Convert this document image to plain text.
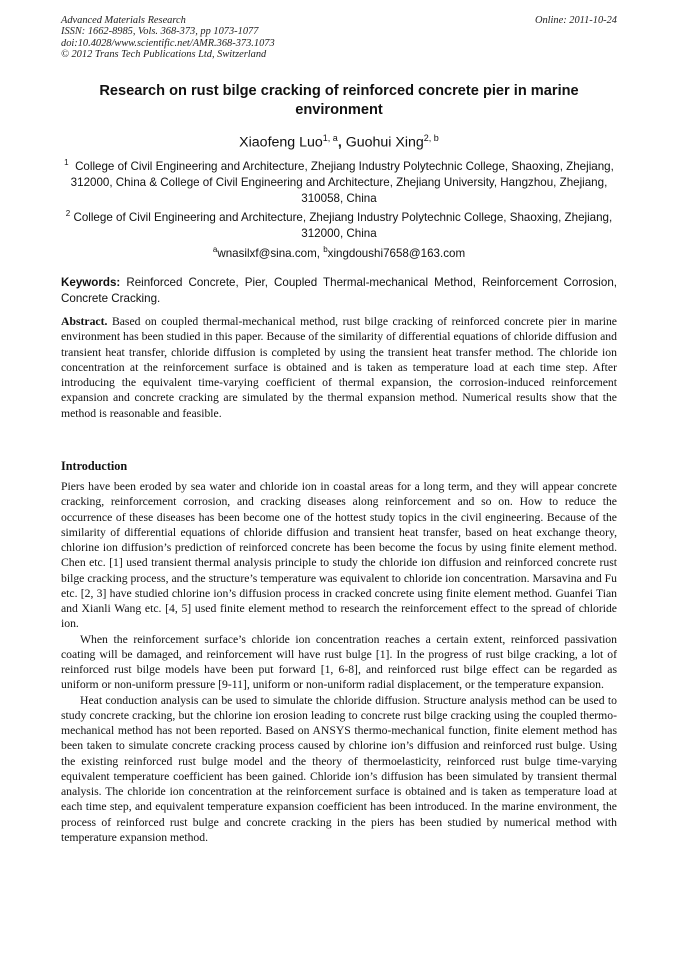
Advanced Materials Research
ISSN: 1662-8985, Vols. 368-373, pp 1073-1077
doi:10.4028/www.scientific.net/AMR.368-373.1073
© 2012 Trans Tech Publications Ltd, Switzerland
Online: 2011-10-24
Research on rust bilge cracking of reinforced concrete pier in marine environment
Xiaofeng Luo$^{1, a}$, Guohui Xing$^{2, b}$
$^1$ College of Civil Engineering and Architecture, Zhejiang Industry Polytechnic College, Shaoxing, Zhejiang, 312000, China & College of Civil Engineering and Architecture, Zhejiang University, Hangzhou, Zhejiang, 310058, China
$^2$ College of Civil Engineering and Architecture, Zhejiang Industry Polytechnic College, Shaoxing, Zhejiang, 312000, China
$^a$wnasilxf@sina.com, $^b$xingdoushi7658@163.com
Keywords: Reinforced Concrete, Pier, Coupled Thermal-mechanical Method, Reinforcement Corrosion, Concrete Cracking.
Abstract. Based on coupled thermal-mechanical method, rust bilge cracking of reinforced concrete pier in marine environment has been studied in this paper. Because of the similarity of differential equations of chloride diffusion and transient heat transfer, chloride diffusion is completed by using the transient heat transfer method. The chloride ion concentration at the reinforcement surface is obtained and is taken as temperature load at each time step. After introducing the equivalent time-varying coefficient of thermal expansion, the corrosion-induced reinforcement expansion and concrete cracking are simulated by the thermal expansion method. Numerical results show that the method is reasonable and feasible.
Introduction

Piers have been eroded by sea water and chloride ion in coastal areas for a long term, and they will appear concrete cracking, reinforcement corrosion, and cracking diseases along reinforcement and so on. How to reduce the occurrence of these diseases has been become one of the hottest study topics in the civil engineering. Because of the similarity of differential equations of chloride diffusion and transient heat transfer, based on heat exchange theory, chlorine ion diffusion’s prediction of reinforced concrete has been become the focus by using finite element method. Chen etc. [1] used transient thermal analysis principle to study the chloride ion diffusion and reinforced concrete rust bilge cracking process, and the structure’s temperature was equivalent to chloride ion concentration. Marsavina and Fu etc. [2, 3] have studied chlorine ion’s diffusion process in cracked concrete using finite element method. Guanfei Tian and Xianli Wang etc. [4, 5] used finite element method to research the reinforcement effect to the spread of chloride ion.

When the reinforcement surface’s chloride ion concentration reaches a certain extent, reinforced passivation coating will be damaged, and reinforcement will have rust bulge [1]. In the progress of rust bilge cracking, a lot of reinforced rust bilge models have been put forward [1, 6-8], and reinforced rust bilge effect can be regarded as uniform or non-uniform pressure [9-11], uniform or non-uniform radial displacement, or the temperature expansion.

Heat conduction analysis can be used to simulate the chloride diffusion. Structure analysis method can be used to study concrete cracking, but the chlorine ion erosion leading to concrete rust bilge cracking using the coupled thermo-mechanical method has not been reported. Based on ANSYS thermo-mechanical function, finite element method has been taken to simulate concrete cracking process caused by chlorine ion’s diffusion and reinforced rust bulge. Using the existing reinforced rust bulge model and the theory of thermoelasticity, reinforced rust bulge time-varying equivalent temperature coefficient has been gained. Chloride ion’s diffusion has been simulated by transient thermal analysis. The chloride ion concentration at the reinforcement surface is obtained and is taken as temperature load at each time step, and equivalent temperature expansion coefficient has been introduced. In the marine environment, the process of reinforced rust bulge and concrete cracking in the piers has been studied by numerical method with temperature expansion method.
